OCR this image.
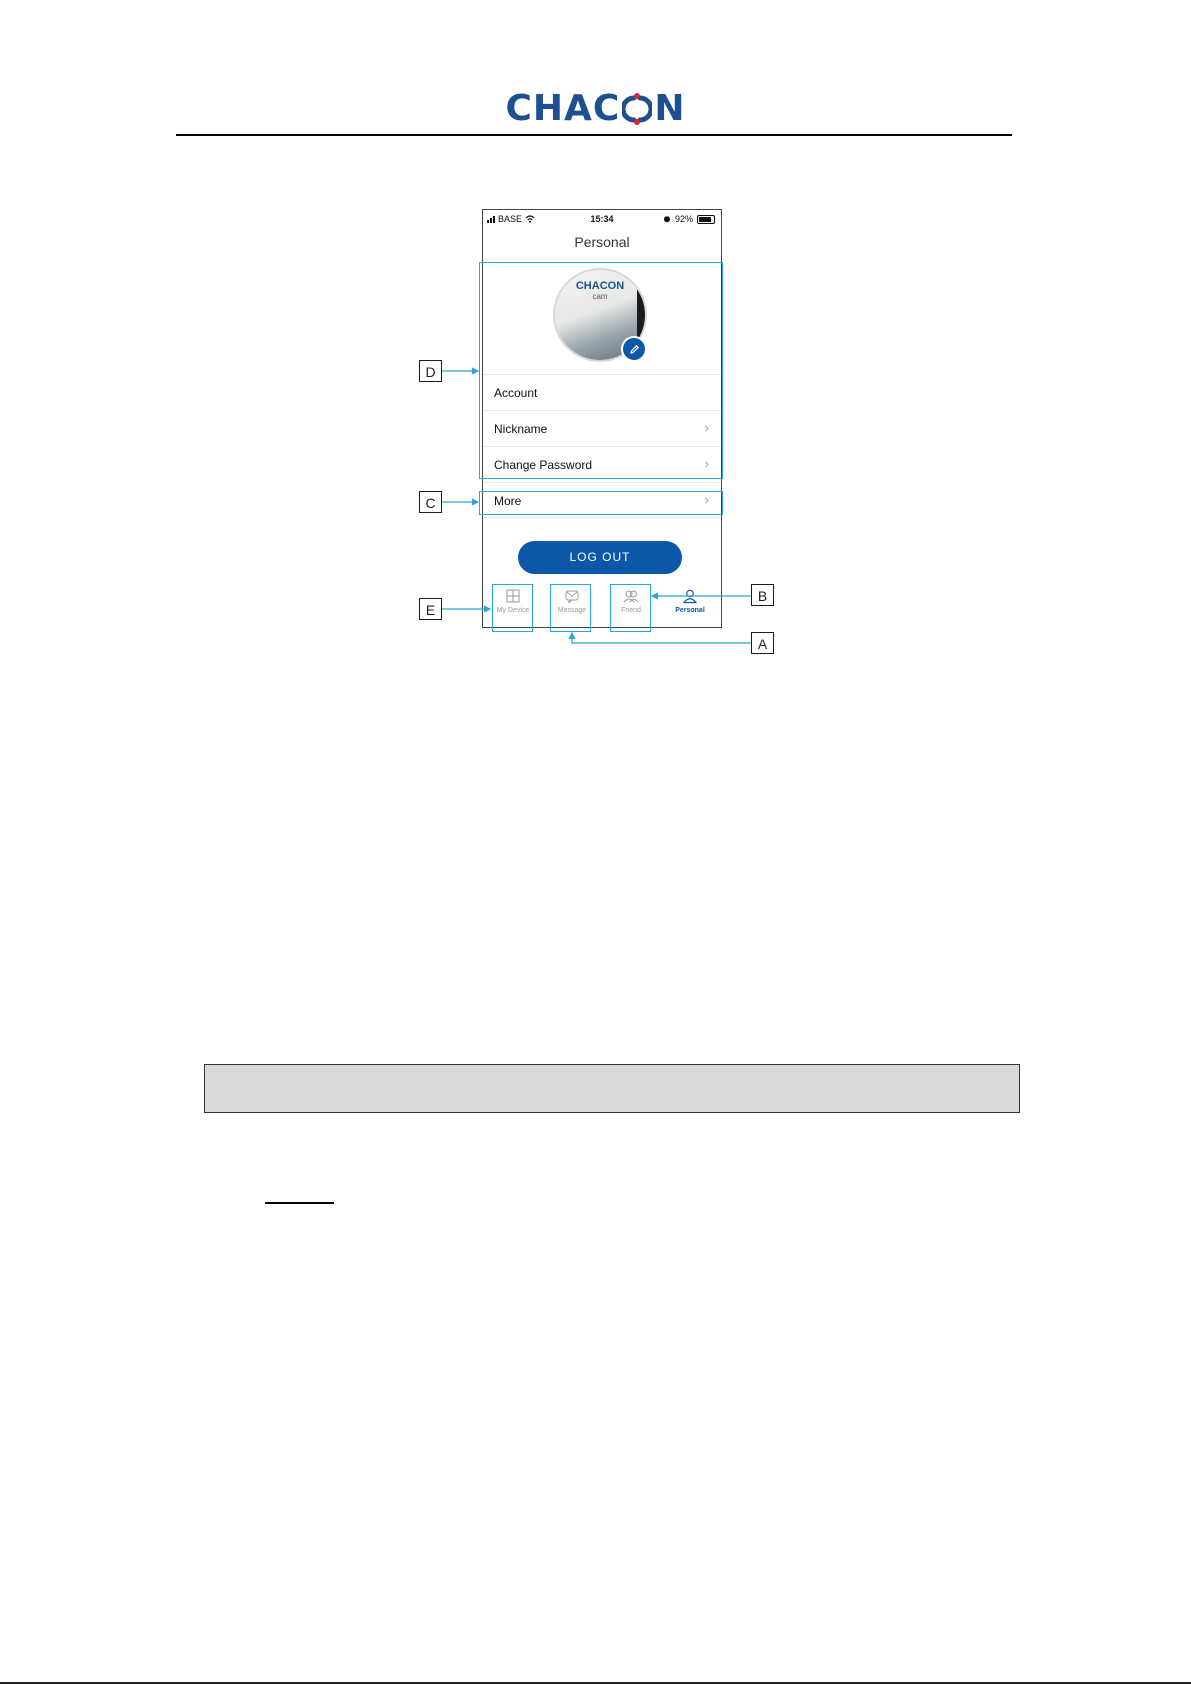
CHAC N
BASE	15:34	92%
Personal
CHACON
cam
Account
Nickname	›
Change Password	›
More	›
LOG OUT
My Device	Message	Friend	Personal
D
C
E
B
A
